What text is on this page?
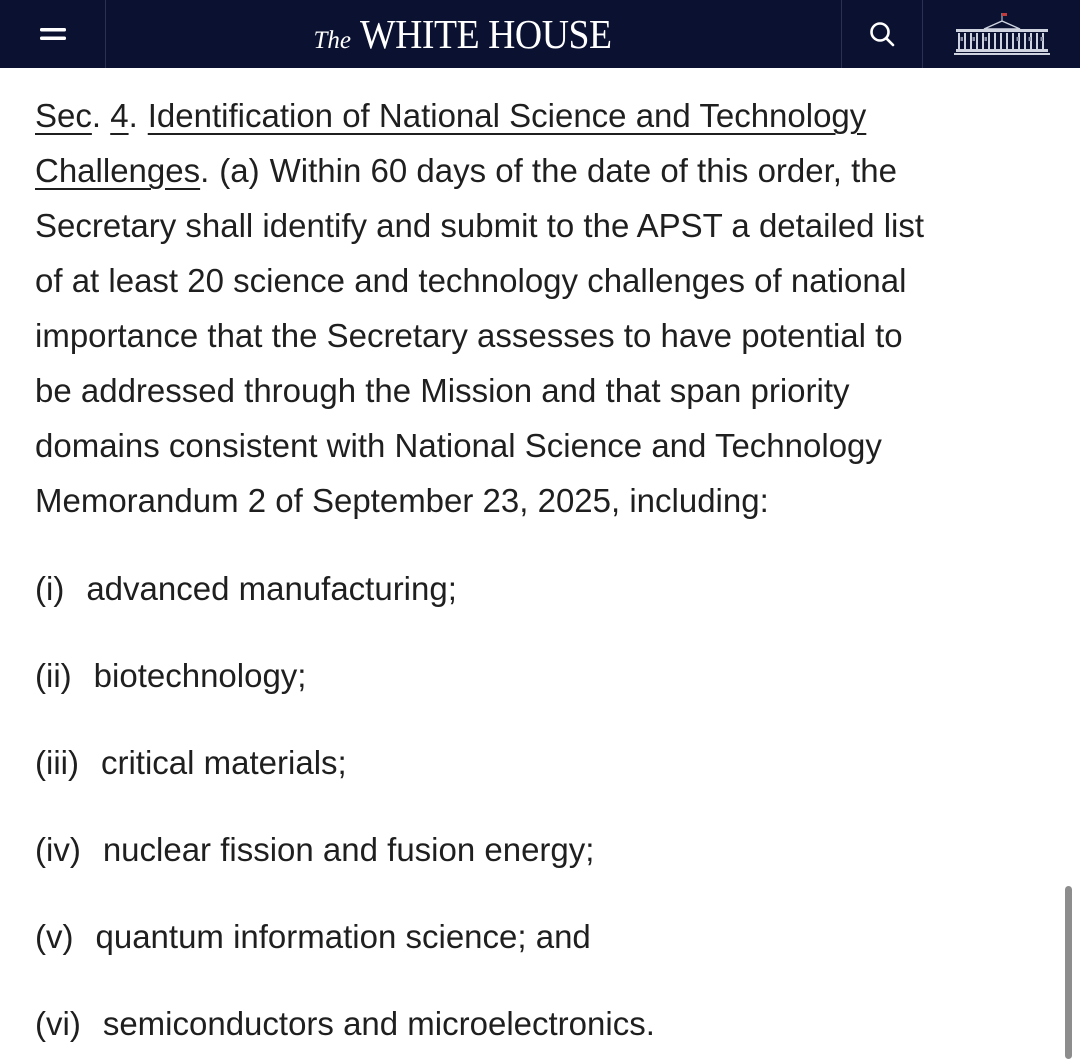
The WHITE HOUSE

Sec. 4. Identification of National Science and Technology
Challenges. (a) Within 60 days of the date of this order, the
Secretary shall identify and submit to the APST a detailed list
of at least 20 science and technology challenges of national
importance that the Secretary assesses to have potential to
be addressed through the Mission and that span priority
domains consistent with National Science and Technology
Memorandum 2 of September 23, 2025, including:

(i) advanced manufacturing;
(ii) biotechnology;
(iii) critical materials;
(iv) nuclear fission and fusion energy;
(v) quantum information science; and
(vi) semiconductors and microelectronics.
